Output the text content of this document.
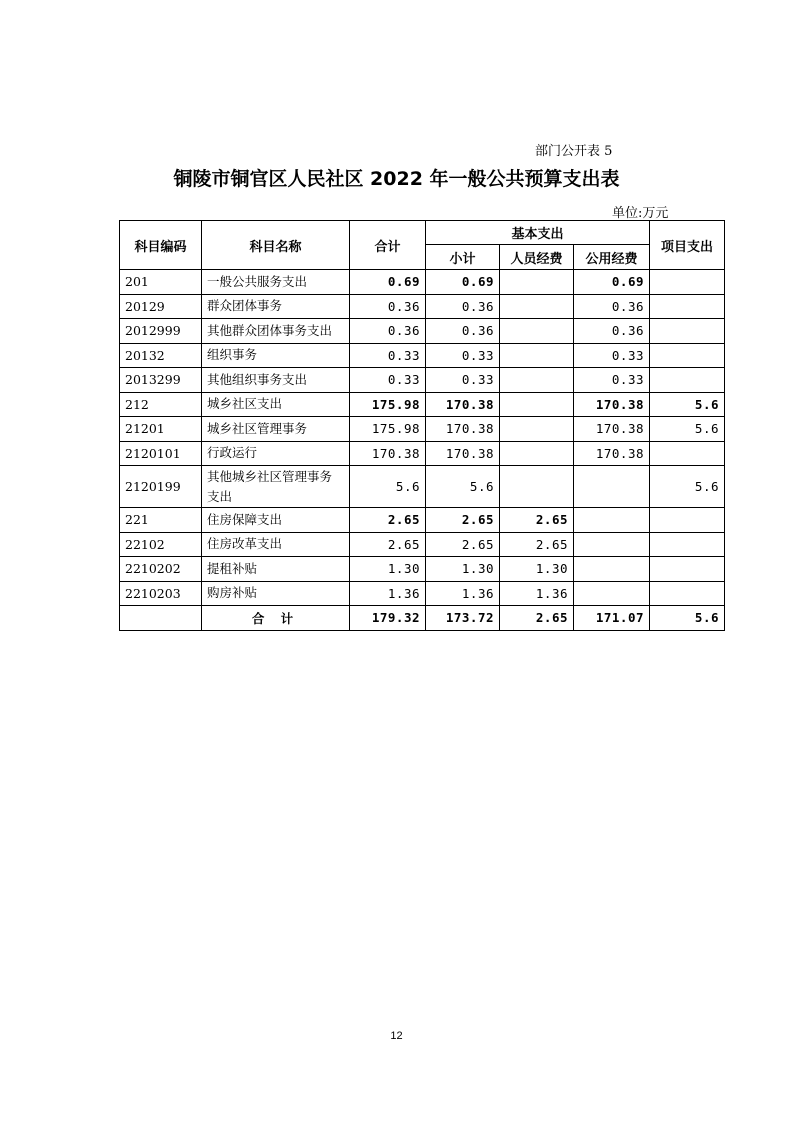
部门公开表 5
铜陵市铜官区人民社区 2022 年一般公共预算支出表
单位:万元
科目编码	科目名称	合计	基本支出			项目支出
			小计	人员经费	公用经费	
201	一般公共服务支出	0.69	0.69		0.69	
20129	群众团体事务	0.36	0.36		0.36	
2012999	其他群众团体事务支出	0.36	0.36		0.36	
20132	组织事务	0.33	0.33		0.33	
2013299	其他组织事务支出	0.33	0.33		0.33	
212	城乡社区支出	175.98	170.38		170.38	5.6
21201	城乡社区管理事务	175.98	170.38		170.38	5.6
2120101	行政运行	170.38	170.38		170.38	
2120199	其他城乡社区管理事务支出	5.6	5.6			5.6
221	住房保障支出	2.65	2.65	2.65		
22102	住房改革支出	2.65	2.65	2.65		
2210202	提租补贴	1.30	1.30	1.30		
2210203	购房补贴	1.36	1.36	1.36		
	合 计	179.32	173.72	2.65	171.07	5.6
12
